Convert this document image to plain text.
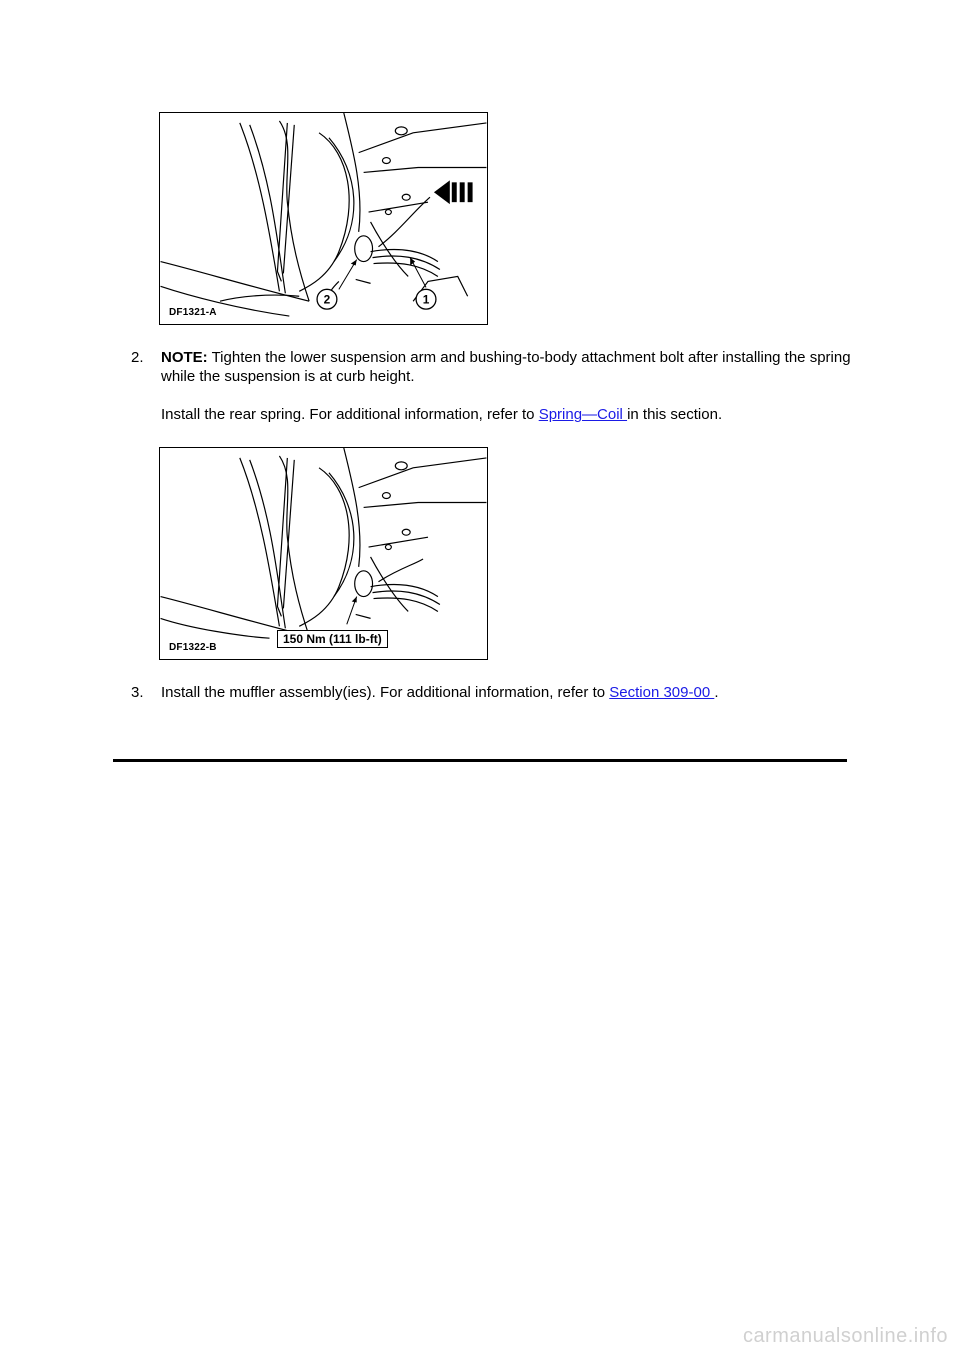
2	1
DF1321-A
2. NOTE: Tighten the lower suspension arm and bushing-to-body attachment bolt after installing the spring while the suspension is at curb height.

Install the rear spring. For additional information, refer to Spring—Coil in this section.

150 Nm (111 lb-ft)
DF1322-B
3. Install the muffler assembly(ies). For additional information, refer to Section 309-00 .

carmanualsonline.info
